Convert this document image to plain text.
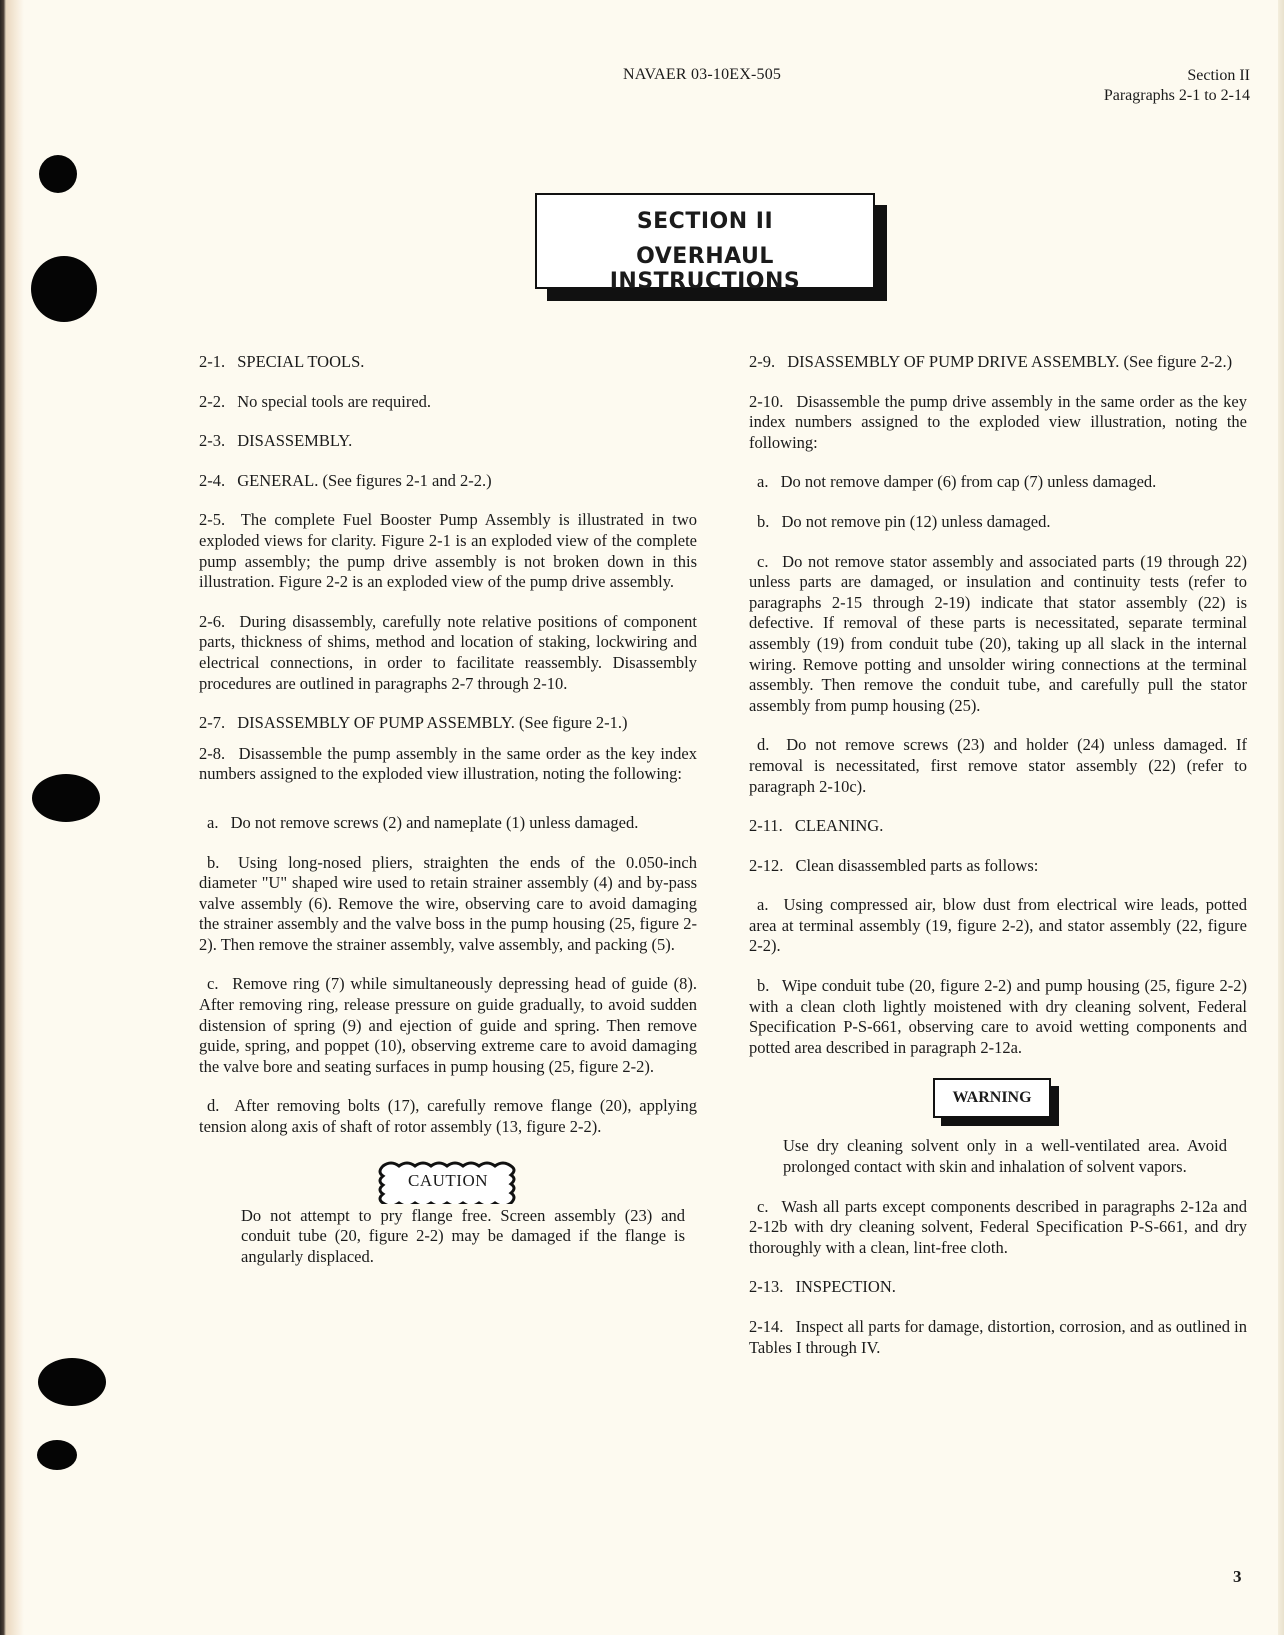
NAVAER 03-10EX-505	Section II
Paragraphs 2-1 to 2-14
SECTION II
OVERHAUL INSTRUCTIONS

2-1. SPECIAL TOOLS.

2-2. No special tools are required.

2-3. DISASSEMBLY.

2-4. GENERAL. (See figures 2-1 and 2-2.)

2-5. The complete Fuel Booster Pump Assembly is illustrated in two exploded views for clarity. Figure 2-1 is an exploded view of the complete pump assembly; the pump drive assembly is not broken down in this illustration. Figure 2-2 is an exploded view of the pump drive assembly.

2-6. During disassembly, carefully note relative positions of component parts, thickness of shims, method and location of staking, lockwiring and electrical connections, in order to facilitate reassembly. Disassembly procedures are outlined in paragraphs 2-7 through 2-10.

2-7. DISASSEMBLY OF PUMP ASSEMBLY. (See figure 2-1.)

2-8. Disassemble the pump assembly in the same order as the key index numbers assigned to the exploded view illustration, noting the following:

a. Do not remove screws (2) and nameplate (1) unless damaged.

b. Using long-nosed pliers, straighten the ends of the 0.050-inch diameter "U" shaped wire used to retain strainer assembly (4) and by-pass valve assembly (6). Remove the wire, observing care to avoid damaging the strainer assembly and the valve boss in the pump housing (25, figure 2-2). Then remove the strainer assembly, valve assembly, and packing (5).

c. Remove ring (7) while simultaneously depressing head of guide (8). After removing ring, release pressure on guide gradually, to avoid sudden distension of spring (9) and ejection of guide and spring. Then remove guide, spring, and poppet (10), observing extreme care to avoid damaging the valve bore and seating surfaces in pump housing (25, figure 2-2).

d. After removing bolts (17), carefully remove flange (20), applying tension along axis of shaft of rotor assembly (13, figure 2-2).

CAUTION

Do not attempt to pry flange free. Screen assembly (23) and conduit tube (20, figure 2-2) may be damaged if the flange is angularly displaced.

2-9. DISASSEMBLY OF PUMP DRIVE ASSEMBLY. (See figure 2-2.)

2-10. Disassemble the pump drive assembly in the same order as the key index numbers assigned to the exploded view illustration, noting the following:

a. Do not remove damper (6) from cap (7) unless damaged.

b. Do not remove pin (12) unless damaged.

c. Do not remove stator assembly and associated parts (19 through 22) unless parts are damaged, or insulation and continuity tests (refer to paragraphs 2-15 through 2-19) indicate that stator assembly (22) is defective. If removal of these parts is necessitated, separate terminal assembly (19) from conduit tube (20), taking up all slack in the internal wiring. Remove potting and unsolder wiring connections at the terminal assembly. Then remove the conduit tube, and carefully pull the stator assembly from pump housing (25).

d. Do not remove screws (23) and holder (24) unless damaged. If removal is necessitated, first remove stator assembly (22) (refer to paragraph 2-10c).

2-11. CLEANING.

2-12. Clean disassembled parts as follows:

a. Using compressed air, blow dust from electrical wire leads, potted area at terminal assembly (19, figure 2-2), and stator assembly (22, figure 2-2).

b. Wipe conduit tube (20, figure 2-2) and pump housing (25, figure 2-2) with a clean cloth lightly moistened with dry cleaning solvent, Federal Specification P-S-661, observing care to avoid wetting components and potted area described in paragraph 2-12a.

WARNING

Use dry cleaning solvent only in a well-ventilated area. Avoid prolonged contact with skin and inhalation of solvent vapors.

c. Wash all parts except components described in paragraphs 2-12a and 2-12b with dry cleaning solvent, Federal Specification P-S-661, and dry thoroughly with a clean, lint-free cloth.

2-13. INSPECTION.

2-14. Inspect all parts for damage, distortion, corrosion, and as outlined in Tables I through IV.

3
